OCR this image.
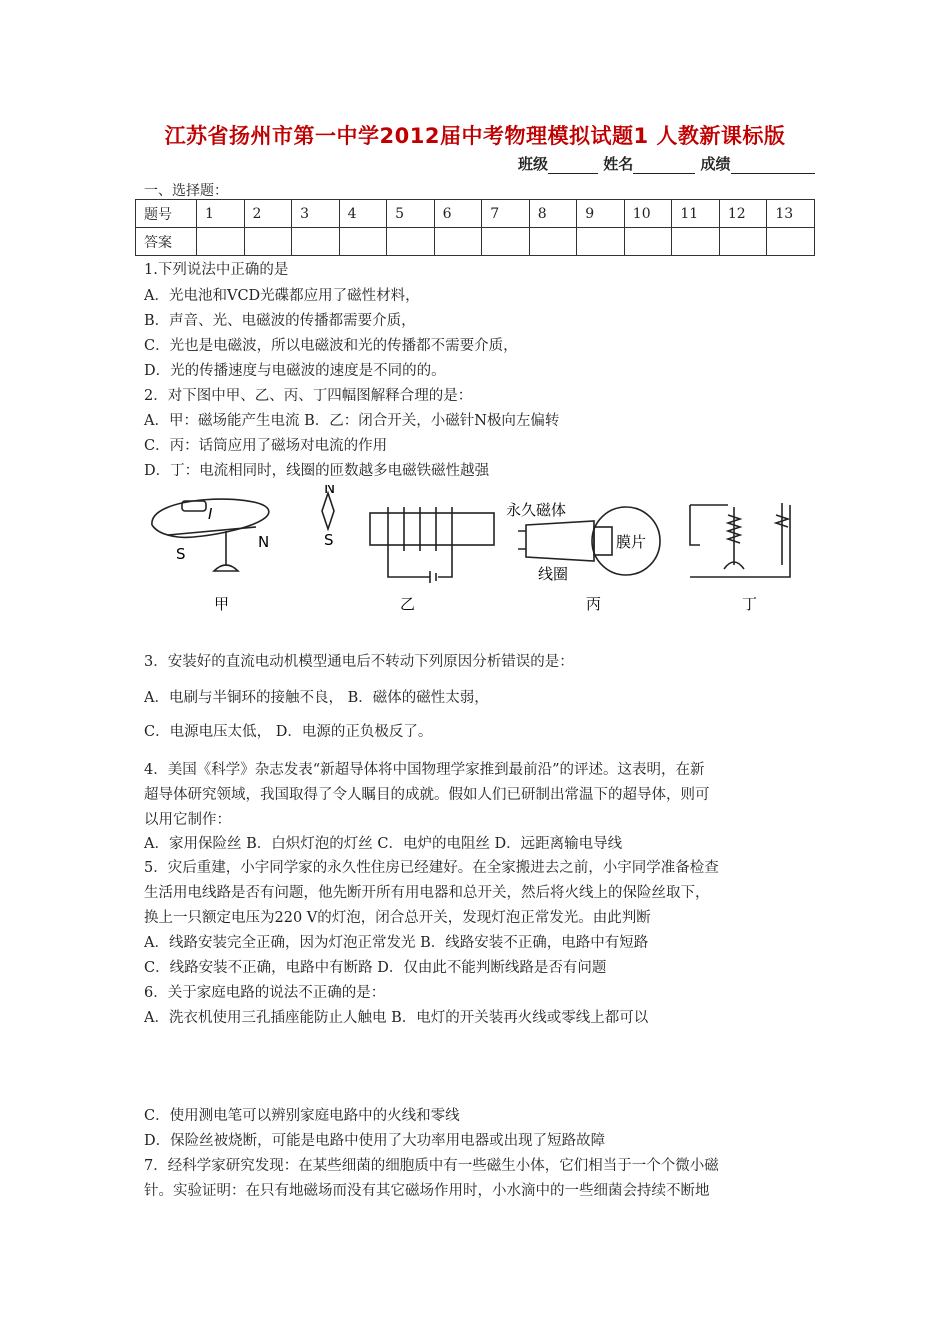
江苏省扬州市第一中学2012届中考物理模拟试题1 人教新课标版
班级	姓名	成绩
一、选择题：
题号	1	2	3	4	5	6	7	8	9	10	11	12	13
答案													
1.下列说法中正确的是
A．光电池和VCD光碟都应用了磁性材料，
B．声音、光、电磁波的传播都需要介质，
C．光也是电磁波，所以电磁波和光的传播都不需要介质，
D．光的传播速度与电磁波的速度是不同的的。
2．对下图中甲、乙、丙、丁四幅图解释合理的是：
A．甲：磁场能产生电流 B．乙：闭合开关，小磁针N极向左偏转
C．丙：话筒应用了磁场对电流的作用
D．丁：电流相同时，线圈的匝数越多电磁铁磁性越强
S
N
I
N
S
永久磁体
线圈
膜片
甲	乙	丙	丁
3．安装好的直流电动机模型通电后不转动下列原因分析错误的是：
A．电刷与半铜环的接触不良， B．磁体的磁性太弱，
C．电源电压太低， D．电源的正负极反了。
4．美国《科学》杂志发表“新超导体将中国物理学家推到最前沿”的评述。这表明，在新
超导体研究领域，我国取得了令人瞩目的成就。假如人们已研制出常温下的超导体，则可
以用它制作：
A．家用保险丝 B．白炽灯泡的灯丝 C．电炉的电阻丝 D．远距离输电导线
5．灾后重建，小宇同学家的永久性住房已经建好。在全家搬进去之前，小宇同学准备检查
生活用电线路是否有问题，他先断开所有用电器和总开关，然后将火线上的保险丝取下，
换上一只额定电压为220 V的灯泡，闭合总开关，发现灯泡正常发光。由此判断
A．线路安装完全正确，因为灯泡正常发光 B．线路安装不正确，电路中有短路
C．线路安装不正确，电路中有断路 D．仅由此不能判断线路是否有问题
6．关于家庭电路的说法不正确的是：
A．洗衣机使用三孔插座能防止人触电 B．电灯的开关装再火线或零线上都可以
C．使用测电笔可以辨别家庭电路中的火线和零线
D．保险丝被烧断，可能是电路中使用了大功率用电器或出现了短路故障
7．经科学家研究发现：在某些细菌的细胞质中有一些磁生小体，它们相当于一个个微小磁
针。实验证明：在只有地磁场而没有其它磁场作用时，小水滴中的一些细菌会持续不断地
